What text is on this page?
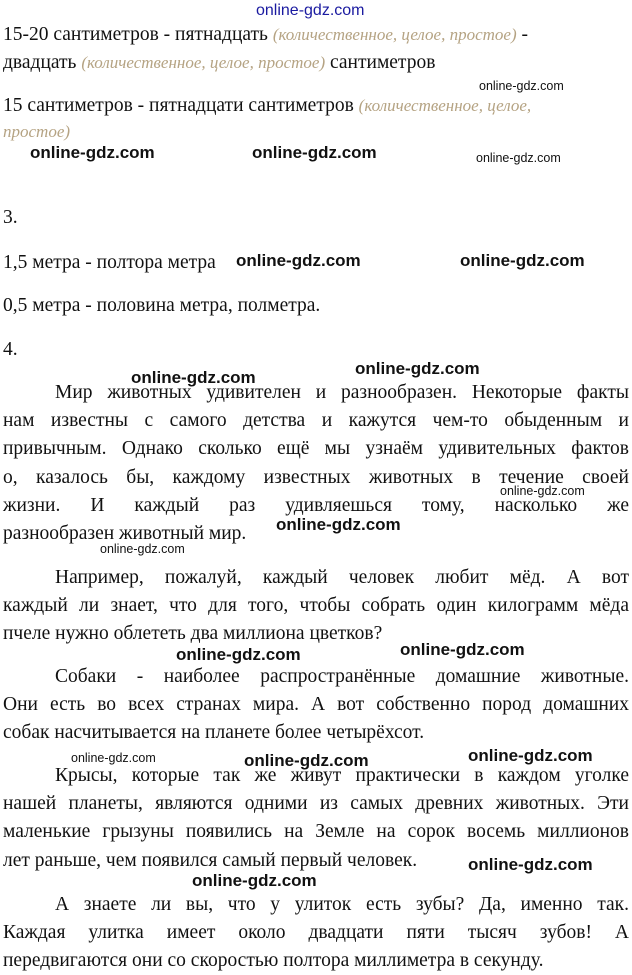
online-gdz.com
15-20 сантиметров - пятнадцать (количественное, целое, простое) -
двадцать (количественное, целое, простое) сантиметров
15 сантиметров - пятнадцати сантиметров (количественное, целое,
простое)
3.
1,5 метра - полтора метра
0,5 метра - половина метра, полметра.
4.
Мир животных удивителен и разнообразен. Некоторые факты
нам известны с самого детства и кажутся чем-то обыденным и
привычным. Однако сколько ещё мы узнаём удивительных фактов
о, казалось бы, каждому известных животных в течение своей
жизни. И каждый раз удивляешься тому, насколько же
разнообразен животный мир.
Например, пожалуй, каждый человек любит мёд. А вот
каждый ли знает, что для того, чтобы собрать один килограмм мёда
пчеле нужно облететь два миллиона цветков?
Собаки - наиболее распространённые домашние животные.
Они есть во всех странах мира. А вот собственно пород домашних
собак насчитывается на планете более четырёхсот.
Крысы, которые так же живут практически в каждом уголке
нашей планеты, являются одними из самых древних животных. Эти
маленькие грызуны появились на Земле на сорок восемь миллионов
лет раньше, чем появился самый первый человек.
А знаете ли вы, что у улиток есть зубы? Да, именно так.
Каждая улитка имеет около двадцати пяти тысяч зубов! А
передвигаются они со скоростью полтора миллиметра в секунду.
online-gdz.com
online-gdz.com	online-gdz.com	online-gdz.com
online-gdz.com	online-gdz.com
online-gdz.com
online-gdz.com
online-gdz.com
online-gdz.com
online-gdz.com
online-gdz.com
online-gdz.com
online-gdz.com	online-gdz.com	online-gdz.com
online-gdz.com
online-gdz.com
